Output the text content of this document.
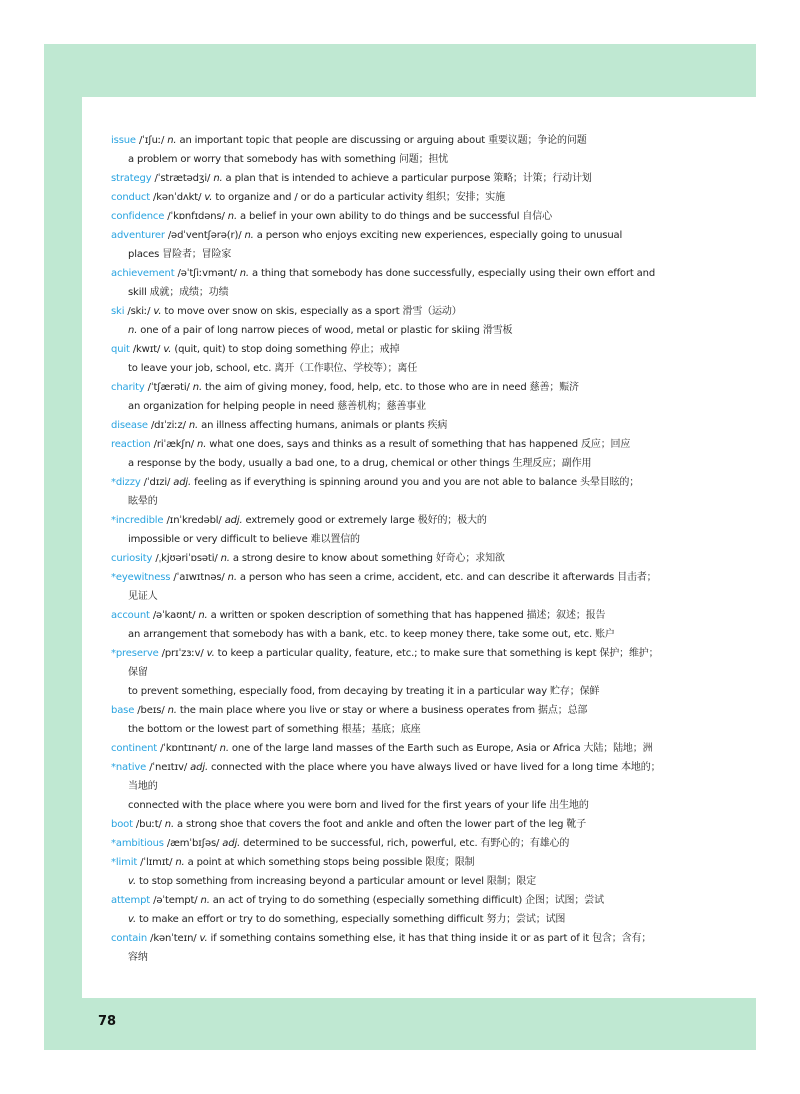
issue /ˈɪʃuː/ n. an important topic that people are discussing or arguing about 重要议题；争论的问题
a problem or worry that somebody has with something 问题；担忧
strategy /ˈstrætədʒi/ n. a plan that is intended to achieve a particular purpose 策略；计策；行动计划
conduct /kənˈdʌkt/ v. to organize and / or do a particular activity 组织；安排；实施
confidence /ˈkɒnfɪdəns/ n. a belief in your own ability to do things and be successful 自信心
adventurer /ədˈventʃərə(r)/ n. a person who enjoys exciting new experiences, especially going to unusual
places 冒险者；冒险家
achievement /əˈtʃiːvmənt/ n. a thing that somebody has done successfully, especially using their own effort and
skill 成就；成绩；功绩
ski /skiː/ v. to move over snow on skis, especially as a sport 滑雪（运动）
n. one of a pair of long narrow pieces of wood, metal or plastic for skiing 滑雪板
quit /kwɪt/ v. (quit, quit) to stop doing something 停止；戒掉
to leave your job, school, etc. 离开（工作职位、学校等）；离任
charity /ˈtʃærəti/ n. the aim of giving money, food, help, etc. to those who are in need 慈善；赈济
an organization for helping people in need 慈善机构；慈善事业
disease /dɪˈziːz/ n. an illness affecting humans, animals or plants 疾病
reaction /riˈækʃn/ n. what one does, says and thinks as a result of something that has happened 反应；回应
a response by the body, usually a bad one, to a drug, chemical or other things 生理反应；副作用
*dizzy /ˈdɪzi/ adj. feeling as if everything is spinning around you and you are not able to balance 头晕目眩的；
眩晕的
*incredible /ɪnˈkredəbl/ adj. extremely good or extremely large 极好的；极大的
impossible or very difficult to believe 难以置信的
curiosity /ˌkjʊəriˈɒsəti/ n. a strong desire to know about something 好奇心；求知欲
*eyewitness /ˈaɪwɪtnəs/ n. a person who has seen a crime, accident, etc. and can describe it afterwards 目击者；
见证人
account /əˈkaʊnt/ n. a written or spoken description of something that has happened 描述；叙述；报告
an arrangement that somebody has with a bank, etc. to keep money there, take some out, etc. 账户
*preserve /prɪˈzɜːv/ v. to keep a particular quality, feature, etc.; to make sure that something is kept 保护；维护；
保留
to prevent something, especially food, from decaying by treating it in a particular way 贮存；保鲜
base /beɪs/ n. the main place where you live or stay or where a business operates from 据点；总部
the bottom or the lowest part of something 根基；基底；底座
continent /ˈkɒntɪnənt/ n. one of the large land masses of the Earth such as Europe, Asia or Africa 大陆；陆地；洲
*native /ˈneɪtɪv/ adj. connected with the place where you have always lived or have lived for a long time 本地的；
当地的
connected with the place where you were born and lived for the first years of your life 出生地的
boot /buːt/ n. a strong shoe that covers the foot and ankle and often the lower part of the leg 靴子
*ambitious /æmˈbɪʃəs/ adj. determined to be successful, rich, powerful, etc. 有野心的；有雄心的
*limit /ˈlɪmɪt/ n. a point at which something stops being possible 限度；限制
v. to stop something from increasing beyond a particular amount or level 限制；限定
attempt /əˈtempt/ n. an act of trying to do something (especially something difficult) 企图；试图；尝试
v. to make an effort or try to do something, especially something difficult 努力；尝试；试图
contain /kənˈteɪn/ v. if something contains something else, it has that thing inside it or as part of it 包含；含有；
容纳
78
